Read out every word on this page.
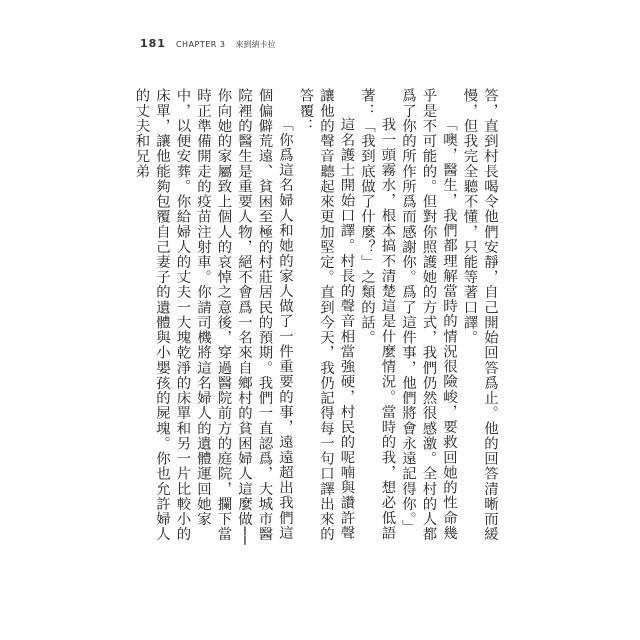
181 CHAPTER 3 來到納卡拉

答，直到村長喝令他們安靜，自己開始回答爲止。他的回答清晰而緩慢，但我完全聽不懂，只能等著口譯。

「噢，醫生，我們都理解當時的情況很險峻，要救回她的性命幾乎是不可能的。但對你照護她的方式，我們仍然很感激。全村的人都爲了你的所作所爲而感謝你。爲了這件事，他們將會永遠記得你。」

我一頭霧水，根本搞不清楚這是什麼情況。當時的我，想必低語著：「我到底做了什麼？」之類的話。

這名護士開始口譯。村長的聲音相當強硬，村民的呢喃與讚許聲讓他的聲音聽起來更加堅定。直到今天，我仍記得每一句口譯出來的答覆：

「你爲這名婦人和她的家人做了一件重要的事，遠遠超出我們這個偏僻荒遠、貧困至極的村莊居民的預期。我們一直認爲，大城市醫院裡的醫生是重要人物，絕不會爲一名來自鄉村的貧困婦人這麼做──你向她的家屬致上個人的哀悼之意後，穿過醫院前方的庭院，攔下當時正準備開走的疫苗注射車。你請司機將這名婦人的遺體運回她家中，以便安葬。你給婦人的丈夫一大塊乾淨的床單和另一片比較小的床單，讓他能夠包覆自己妻子的遺體與小嬰孩的屍塊。你也允許婦人的丈夫和兄弟
